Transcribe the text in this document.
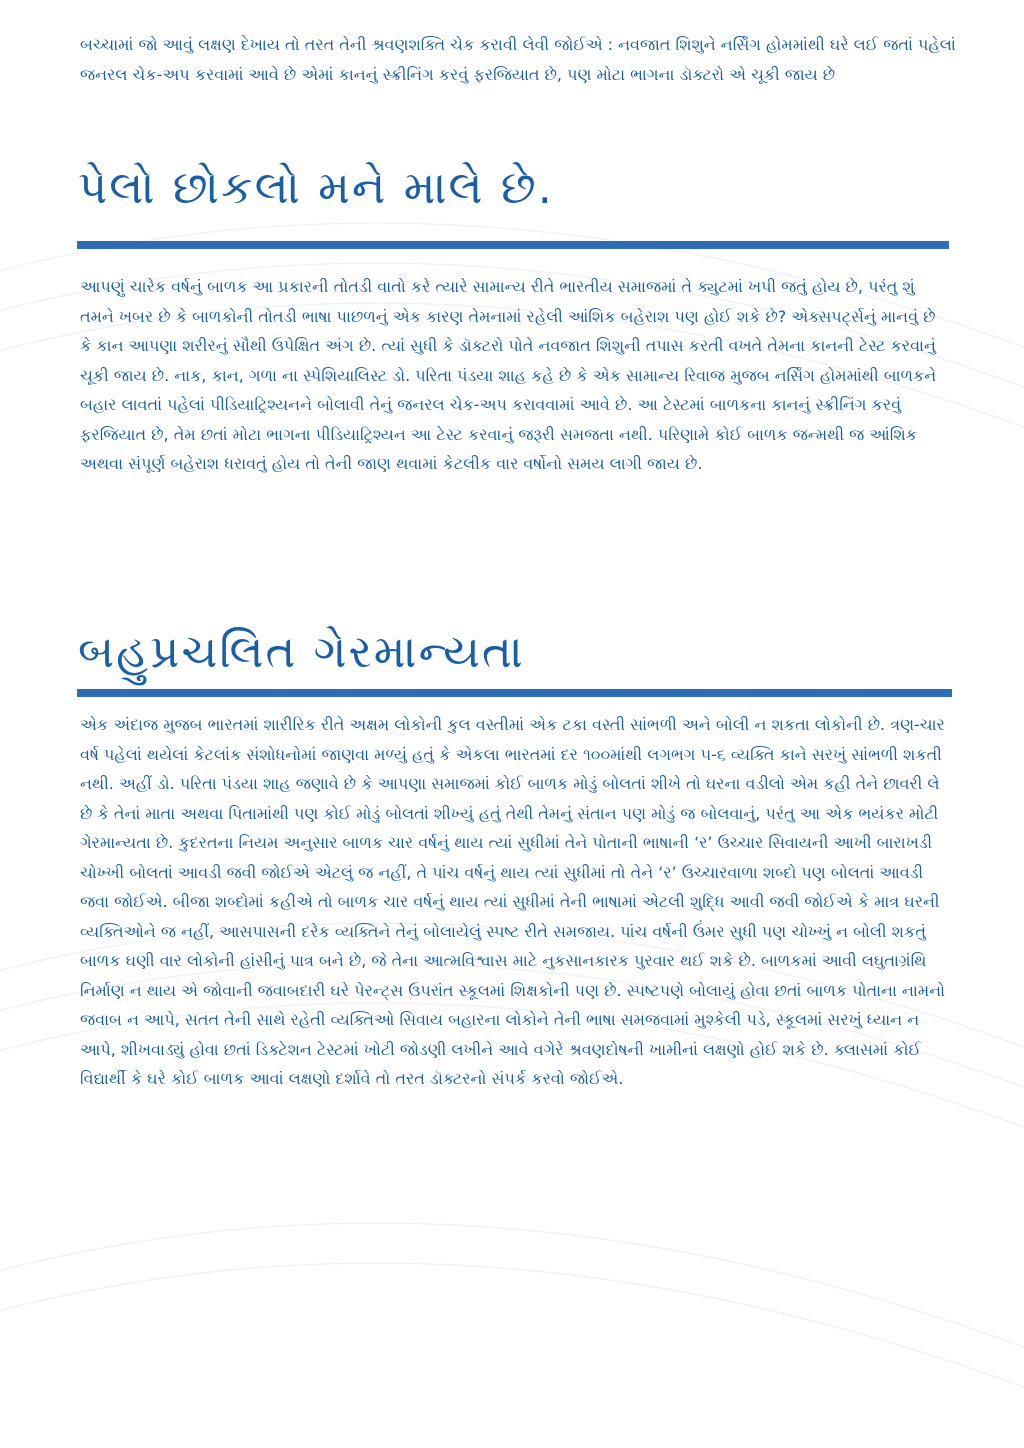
બચ્ચામાં જો આવું લક્ષણ દેખાય તો તરત તેની શ્રવણશક્તિ ચેક કરાવી લેવી જોઈએ : નવજાત શિશુને નર્સિંગ હોમમાંથી ઘરે લઈ જતાં પહેલાં જનરલ ચેક-અપ કરવામાં આવે છે એમાં કાનનું સ્ક્રીનિંગ કરવું ફરજિયાત છે, પણ મોટા ભાગના ડૉક્ટરો એ ચૂકી જાય છે

પેલો છોકલો મને માલે છે.

આપણું ચારેક વર્ષનું બાળક આ પ્રકારની તોતડી વાતો કરે ત્યારે સામાન્ય રીતે ભારતીય સમાજમાં તે ક્યુટમાં ખપી જતું હોય છે, પરંતુ શું તમને ખબર છે કે બાળકોની તોતડી ભાષા પાછળનું એક કારણ તેમનામાં રહેલી આંશિક બહેરાશ પણ હોઈ શકે છે? એક્સપર્ટ્સનું માનવું છે કે કાન આપણા શરીરનું સૌથી ઉપેક્ષિત અંગ છે. ત્યાં સુધી કે ડૉક્ટરો પોતે નવજાત શિશુની તપાસ કરતી વખતે તેમના કાનની ટેસ્ટ કરવાનું ચૂકી જાય છે. નાક, કાન, ગળા ના સ્પેશિયાલિસ્ટ ડો. પરિતા પંડયા શાહ કહે છે કે એક સામાન્ય રિવાજ મુજબ નર્સિંગ હોમમાંથી બાળકને બહાર લાવતાં પહેલાં પીડિયાટ્રિશ્યનને બોલાવી તેનું જનરલ ચેક-અપ કરાવવામાં આવે છે. આ ટેસ્ટમાં બાળકના કાનનું સ્ક્રીનિંગ કરવું ફરજિયાત છે, તેમ છતાં મોટા ભાગના પીડિયાટ્રિશ્યન આ ટેસ્ટ કરવાનું જરૂરી સમજતા નથી. પરિણામે કોઈ બાળક જન્મથી જ આંશિક અથવા સંપૂર્ણ બહેરાશ ધરાવતું હોય તો તેની જાણ થવામાં કેટલીક વાર વર્ષોનો સમય લાગી જાય છે.

બહુપ્રચલિત ગેરમાન્યતા

એક અંદાજ મુજબ ભારતમાં શારીરિક રીતે અક્ષમ લોકોની કુલ વસ્તીમાં એક ટકા વસ્તી સાંભળી અને બોલી ન શકતા લોકોની છે. ત્રણ-ચાર વર્ષ પહેલાં થયેલાં કેટલાંક સંશોધનોમાં જાણવા મળ્યું હતું કે એકલા ભારતમાં દર ૧૦૦માંથી લગભગ ૫-૬ વ્યક્તિ કાને સરખું સાંભળી શકતી નથી. અહીં ડો. પરિતા પંડયા શાહ જણાવે છે કે આપણા સમાજમાં કોઈ બાળક મોડું બોલતાં શીખે તો ઘરના વડીલો એમ કહી તેને છાવરી લે છે કે તેનાં માતા અથવા પિતામાંથી પણ કોઈ મોડું બોલતાં શીખ્યું હતું તેથી તેમનું સંતાન પણ મોડું જ બોલવાનું, પરંતુ આ એક ભયંકર મોટી ગેરમાન્યતા છે. કુદરતના નિયમ અનુસાર બાળક ચાર વર્ષનું થાય ત્યાં સુધીમાં તેને પોતાની ભાષાની ‘ર’ ઉચ્ચાર સિવાયની આખી બારાખડી ચોખ્ખી બોલતાં આવડી જવી જોઈએ એટલું જ નહીં, તે પાંચ વર્ષનું થાય ત્યાં સુધીમાં તો તેને ‘ર’ ઉચ્ચારવાળા શબ્દો પણ બોલતાં આવડી જવા જોઈએ. બીજા શબ્દોમાં કહીએ તો બાળક ચાર વર્ષનું થાય ત્યાં સુધીમાં તેની ભાષામાં એટલી શુદ્ધિ આવી જવી જોઈએ કે માત્ર ઘરની વ્યક્તિઓને જ નહીં, આસપાસની દરેક વ્યક્તિને તેનું બોલાયેલું સ્પષ્ટ રીતે સમજાય. પાંચ વર્ષની ઉંમર સુધી પણ ચોખ્ખું ન બોલી શકતું બાળક ઘણી વાર લોકોની હાંસીનું પાત્ર બને છે, જે તેના આત્મવિશ્વાસ માટે નુકસાનકારક પુરવાર થઈ શકે છે. બાળકમાં આવી લઘુતાગ્રંથિ નિર્માણ ન થાય એ જોવાની જવાબદારી ઘરે પેરન્ટ્સ ઉપરાંત સ્કૂલમાં શિક્ષકોની પણ છે. સ્પષ્ટપણે બોલાયું હોવા છતાં બાળક પોતાના નામનો જવાબ ન આપે, સતત તેની સાથે રહેતી વ્યક્તિઓ સિવાય બહારના લોકોને તેની ભાષા સમજવામાં મુશ્કેલી પડે, સ્કૂલમાં સરખું ધ્યાન ન આપે, શીખવાડ્યું હોવા છતાં ડિક્ટેશન ટેસ્ટમાં ખોટી જોડણી લખીને આવે વગેરે શ્રવણદોષની ખામીનાં લક્ષણો હોઈ શકે છે. ક્લાસમાં કોઈ વિદ્યાર્થી કે ઘરે કોઈ બાળક આવાં લક્ષણો દર્શાવે તો તરત ડૉક્ટરનો સંપર્ક કરવો જોઈએ.
